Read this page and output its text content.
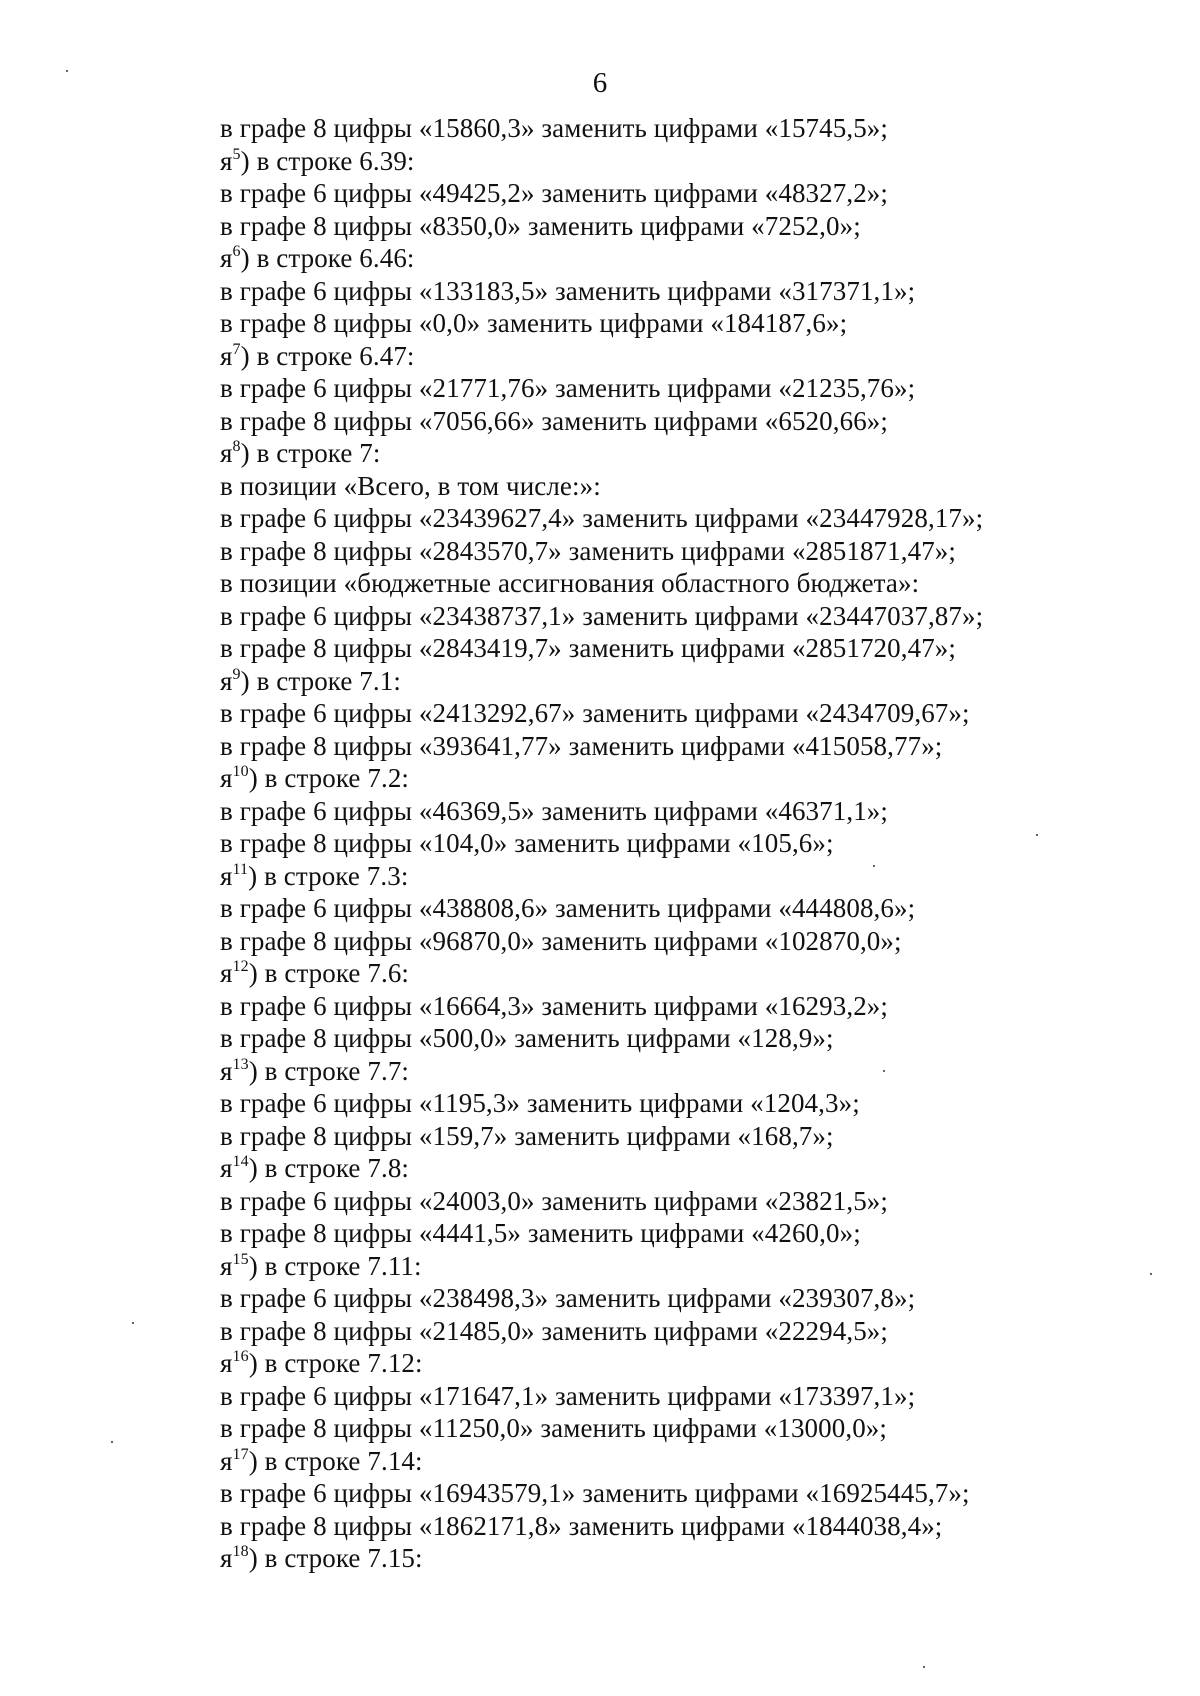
6
в графе 8 цифры «15860,3» заменить цифрами «15745,5»;
$я^5$) в строке 6.39:
в графе 6 цифры «49425,2» заменить цифрами «48327,2»;
в графе 8 цифры «8350,0» заменить цифрами «7252,0»;
$я^6$) в строке 6.46:
в графе 6 цифры «133183,5» заменить цифрами «317371,1»;
в графе 8 цифры «0,0» заменить цифрами «184187,6»;
$я^7$) в строке 6.47:
в графе 6 цифры «21771,76» заменить цифрами «21235,76»;
в графе 8 цифры «7056,66» заменить цифрами «6520,66»;
$я^8$) в строке 7:
в позиции «Всего, в том числе:»:
в графе 6 цифры «23439627,4» заменить цифрами «23447928,17»;
в графе 8 цифры «2843570,7» заменить цифрами «2851871,47»;
в позиции «бюджетные ассигнования областного бюджета»:
в графе 6 цифры «23438737,1» заменить цифрами «23447037,87»;
в графе 8 цифры «2843419,7» заменить цифрами «2851720,47»;
$я^9$) в строке 7.1:
в графе 6 цифры «2413292,67» заменить цифрами «2434709,67»;
в графе 8 цифры «393641,77» заменить цифрами «415058,77»;
$я^{10}$) в строке 7.2:
в графе 6 цифры «46369,5» заменить цифрами «46371,1»;
в графе 8 цифры «104,0» заменить цифрами «105,6»;
$я^{11}$) в строке 7.3:
в графе 6 цифры «438808,6» заменить цифрами «444808,6»;
в графе 8 цифры «96870,0» заменить цифрами «102870,0»;
$я^{12}$) в строке 7.6:
в графе 6 цифры «16664,3» заменить цифрами «16293,2»;
в графе 8 цифры «500,0» заменить цифрами «128,9»;
$я^{13}$) в строке 7.7:
в графе 6 цифры «1195,3» заменить цифрами «1204,3»;
в графе 8 цифры «159,7» заменить цифрами «168,7»;
$я^{14}$) в строке 7.8:
в графе 6 цифры «24003,0» заменить цифрами «23821,5»;
в графе 8 цифры «4441,5» заменить цифрами «4260,0»;
$я^{15}$) в строке 7.11:
в графе 6 цифры «238498,3» заменить цифрами «239307,8»;
в графе 8 цифры «21485,0» заменить цифрами «22294,5»;
$я^{16}$) в строке 7.12:
в графе 6 цифры «171647,1» заменить цифрами «173397,1»;
в графе 8 цифры «11250,0» заменить цифрами «13000,0»;
$я^{17}$) в строке 7.14:
в графе 6 цифры «16943579,1» заменить цифрами «16925445,7»;
в графе 8 цифры «1862171,8» заменить цифрами «1844038,4»;
$я^{18}$) в строке 7.15:
